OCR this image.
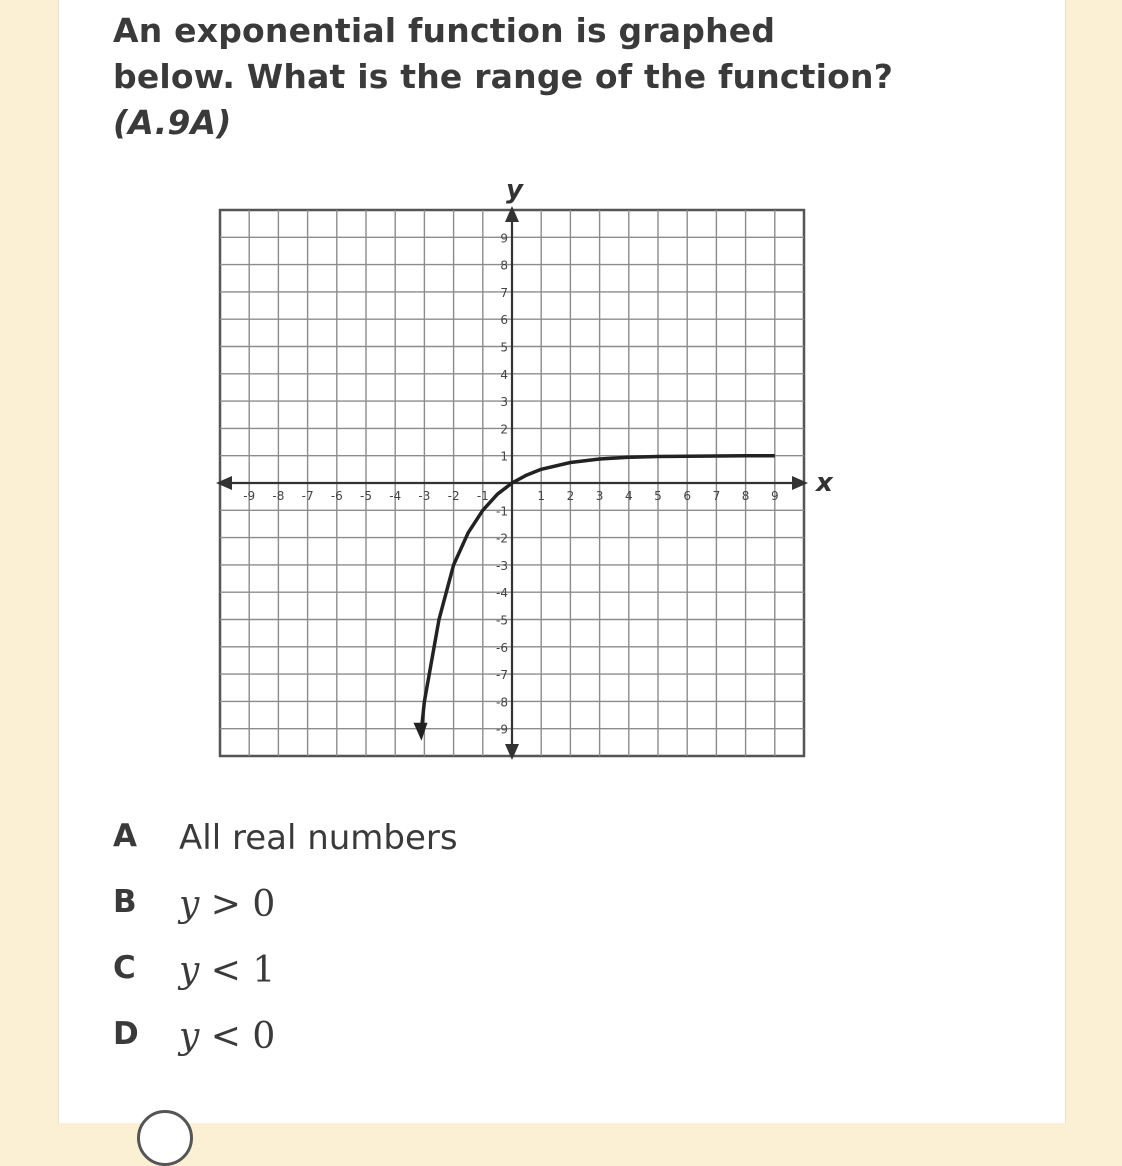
An exponential function is graphed
below. What is the range of the function?
(A.9A)
x
y
-9 -8 -7 -6 -5 -4 -3 -2 -1	1 2 3 4 5 6 7 8 9
9
8
7
6
5
4
3
2
1
-1
-2
-3
-4
-5
-6
-7
-8
-9
A	All real numbers
B	y > 0
C	y < 1
D	y < 0
